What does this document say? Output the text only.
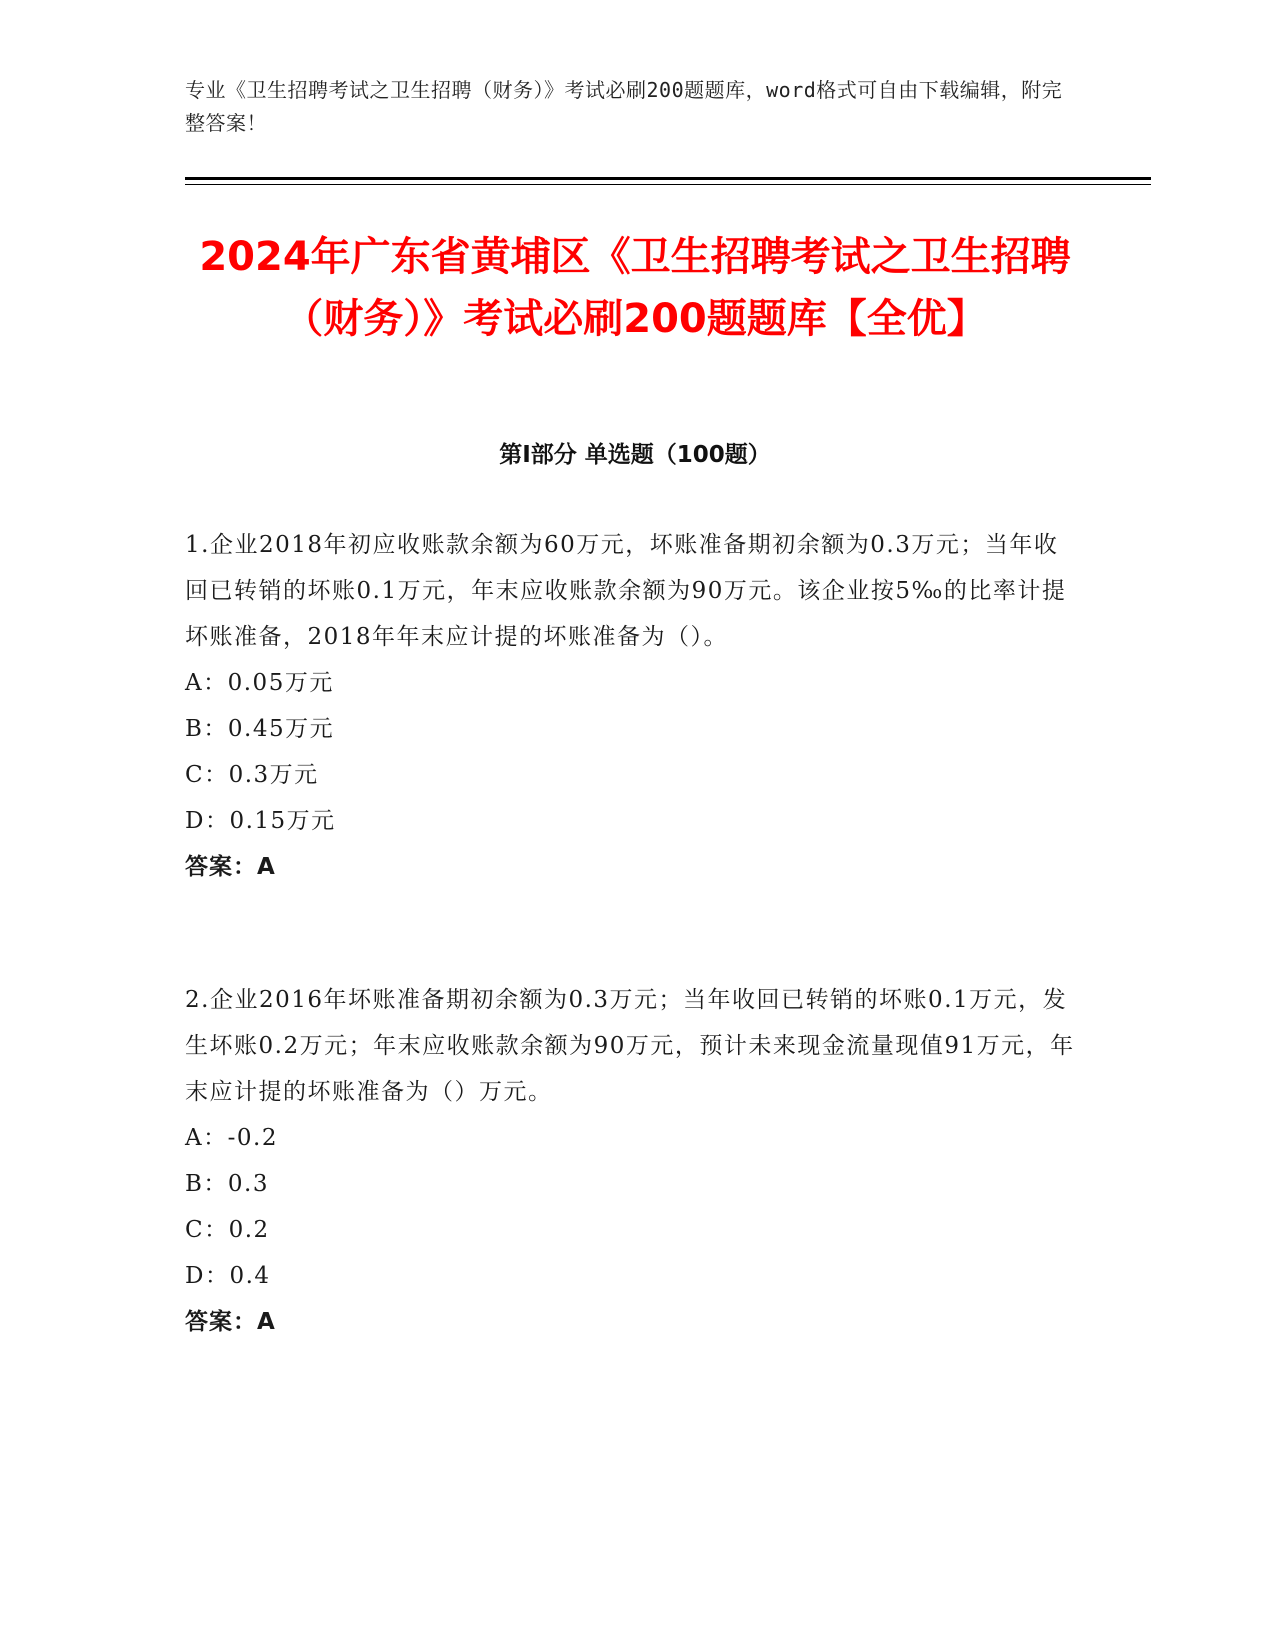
专业《卫生招聘考试之卫生招聘（财务）》考试必刷200题题库，word格式可自由下载编辑，附完整答案！
2024年广东省黄埔区《卫生招聘考试之卫生招聘（财务）》考试必刷200题题库【全优】
第I部分 单选题（100题）

1.企业2018年初应收账款余额为60万元，坏账准备期初余额为0.3万元；当年收回已转销的坏账0.1万元，年末应收账款余额为90万元。该企业按5‰的比率计提坏账准备，2018年年末应计提的坏账准备为（）。

A：0.05万元

B：0.45万元

C：0.3万元

D：0.15万元

答案：A

2.企业2016年坏账准备期初余额为0.3万元；当年收回已转销的坏账0.1万元，发生坏账0.2万元；年末应收账款余额为90万元，预计未来现金流量现值91万元，年末应计提的坏账准备为（）万元。

A：-0.2

B：0.3

C：0.2

D：0.4

答案：A
